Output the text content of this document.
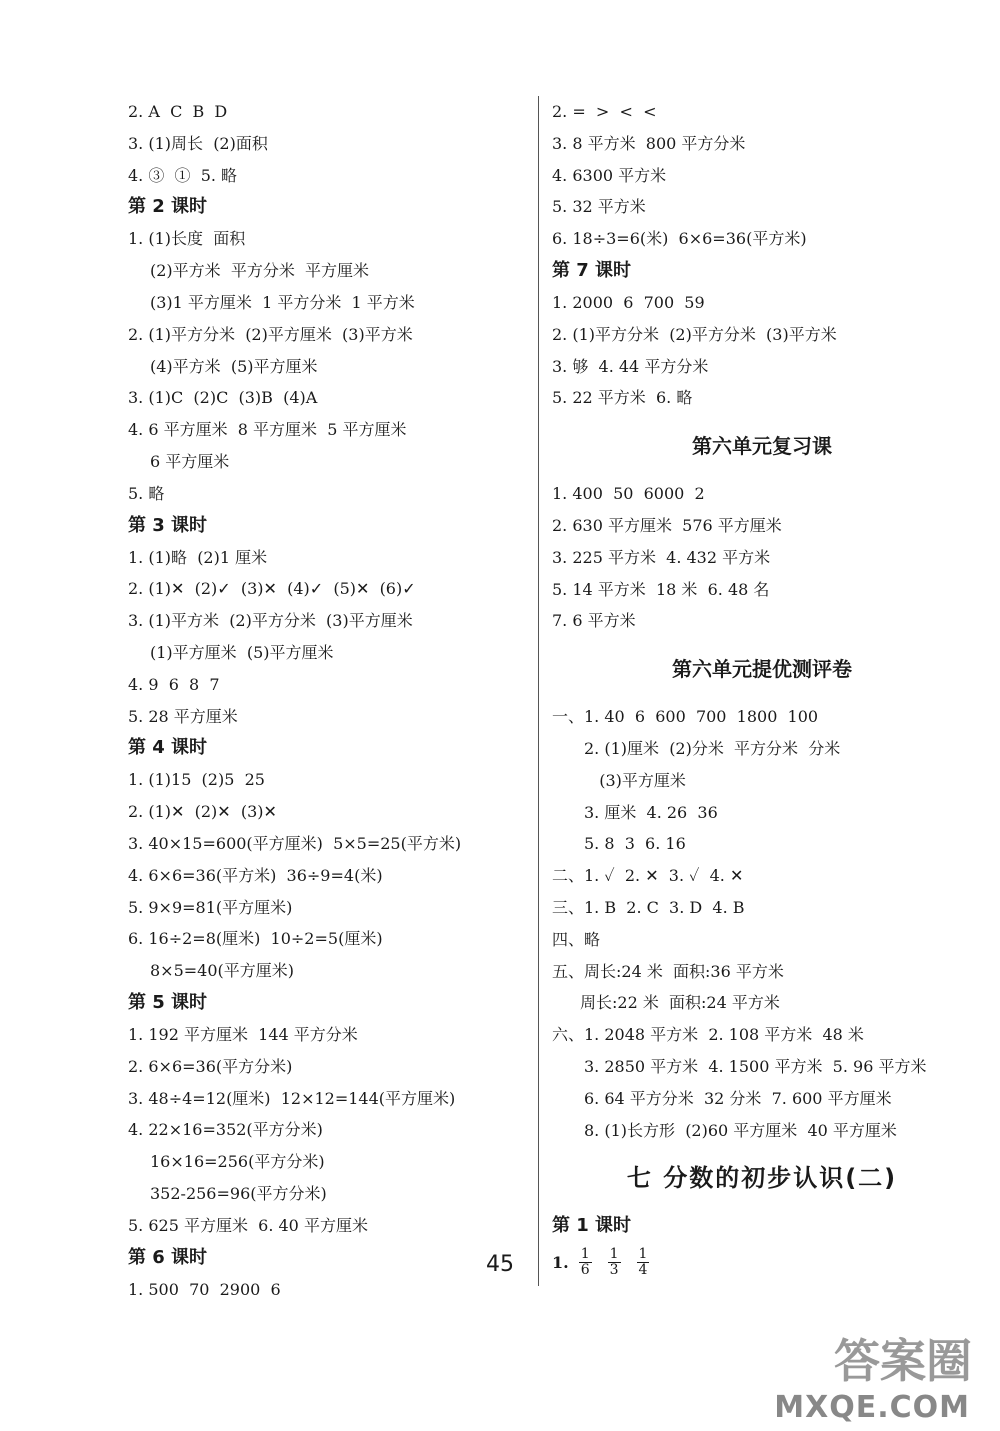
2. A  C  B  D
3. (1)周长  (2)面积
4. ③  ①  5. 略
第 2 课时
1. (1)长度  面积
(2)平方米  平方分米  平方厘米
(3)1 平方厘米  1 平方分米  1 平方米
2. (1)平方分米  (2)平方厘米  (3)平方米
(4)平方米  (5)平方厘米
3. (1)C  (2)C  (3)B  (4)A
4. 6 平方厘米  8 平方厘米  5 平方厘米
6 平方厘米
5. 略
第 3 课时
1. (1)略  (2)1 厘米
2. (1)✕  (2)✓  (3)✕  (4)✓  (5)✕  (6)✓
3. (1)平方米  (2)平方分米  (3)平方厘米
(1)平方厘米  (5)平方厘米
4. 9  6  8  7
5. 28 平方厘米
第 4 课时
1. (1)15  (2)5  25
2. (1)✕  (2)✕  (3)✕
3. 40×15=600(平方厘米)  5×5=25(平方米)
4. 6×6=36(平方米)  36÷9=4(米)
5. 9×9=81(平方厘米)
6. 16÷2=8(厘米)  10÷2=5(厘米)
8×5=40(平方厘米)
第 5 课时
1. 192 平方厘米  144 平方分米
2. 6×6=36(平方分米)
3. 48÷4=12(厘米)  12×12=144(平方厘米)
4. 22×16=352(平方分米)
16×16=256(平方分米)
352-256=96(平方分米)
5. 625 平方厘米  6. 40 平方厘米
第 6 课时
1. 500  70  2900  6
2. =  >  <  <
3. 8 平方米  800 平方分米
4. 6300 平方米
5. 32 平方米
6. 18÷3=6(米)  6×6=36(平方米)
第 7 课时
1. 2000  6  700  59
2. (1)平方分米  (2)平方分米  (3)平方米
3. 够  4. 44 平方分米
5. 22 平方米  6. 略
第六单元复习课
1. 400  50  6000  2
2. 630 平方厘米  576 平方厘米
3. 225 平方米  4. 432 平方米
5. 14 平方米  18 米  6. 48 名
7. 6 平方米
第六单元提优测评卷
一、1. 40  6  600  700  1800  100
2. (1)厘米  (2)分米  平方分米  分米
(3)平方厘米
3. 厘米  4. 26  36
5. 8  3  6. 16
二、1. ✓  2. ✕  3. ✓  4. ✕
三、1. B  2. C  3. D  4. B
四、略
五、周长:24 米  面积:36 平方米
周长:22 米  面积:24 平方米
六、1. 2048 平方米  2. 108 平方米  48 米
3. 2850 平方米  4. 1500 平方米  5. 96 平方米
6. 64 平方分米  32 分米  7. 600 平方厘米
8. (1)长方形  (2)60 平方厘米  40 平方厘米
七 分数的初步认识(二)
第 1 课时
1. $\frac{1}{6} \frac{1}{3} \frac{1}{4}$
45
答案圈
MXQE.COM
